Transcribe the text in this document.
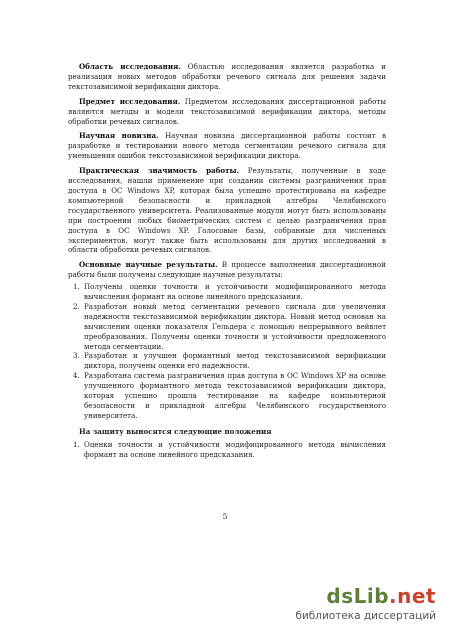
Область исследования. Областью исследования является разработка и реализация новых методов обработки речевого сигнала для решения задачи текстозависимой верификации диктора.

Предмет исследования. Предметом исследования диссертационной работы являются методы и модели текстозависимой верификации диктора, методы обработки речевых сигналов.

Научная новизна. Научная новизна диссертационной работы состоит в разработке и тестировании нового метода сегментации речевого сигнала для уменьшения ошибок текстозависимой верификации диктора.

Практическая значимость работы. Результаты, полученные в ходе исследования, нашли применение при создании системы разграничения прав доступа в ОС Windows XP, которая была успешно протестирована на кафедре компьютерной безопасности и прикладной алгебры Челябинского государственного университета. Реализованные модули могут быть использованы при построении любых биометрических систем с целью разграничения прав доступа в ОС Windows XP. Голосовые базы, собранные для численных экспериментов, могут также быть использованы для других исследований в области обработки речевых сигналов.

Основные научные результаты. В процессе выполнения диссертационной работы были получены следующие научные результаты:

1. Получены оценки точности и устойчивости модифицированного метода вычисления формант на основе линейного предсказания.
2. Разработан новый метод сегментации речевого сигнала для увеличения надежности текстозависимой верификации диктора. Новый метод основан на вычислении оценки показателя Гельдера с помощью непрерывного вейвлет преобразования. Получены оценки точности и устойчивости предложенного метода сегментации.
3. Разработан и улучшен формантный метод текстозависимой верификации диктора, получены оценки его надежности.
4. Разработана система разграничения прав доступа в ОС Windows XP на основе улучшенного формантного метода текстозависимой верификации диктора, которая успешно прошла тестирование на кафедре компьютерной безопасности и прикладной алгебры Челябинского государственного университета.

На защиту выносятся следующие положения

1. Оценки точности и устойчивости модифицированного метода вычисления формант на основе линейного предсказания.
5
dsLib.net
библиотека диссертаций
